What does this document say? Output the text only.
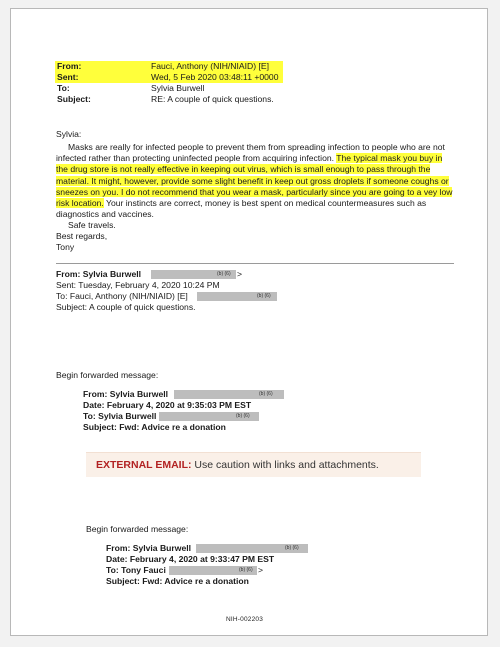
From:	Fauci, Anthony (NIH/NIAID) [E]
Sent:	Wed, 5 Feb 2020 03:48:11 +0000
To:	Sylvia Burwell
Subject:	RE: A couple of quick questions.
Sylvia:
Masks are really for infected people to prevent them from spreading infection to people who are not infected rather than protecting uninfected people from acquiring infection. The typical mask you buy in the drug store is not really effective in keeping out virus, which is small enough to pass through the material. It might, however, provide some slight benefit in keep out gross droplets if someone coughs or sneezes on you. I do not recommend that you wear a mask, particularly since you are going to a vey low risk location. Your instincts are correct, money is best spent on medical countermeasures such as diagnostics and vaccines.
Safe travels.
Best regards,
Tony
From: Sylvia Burwell	(b) (6) >
Sent: Tuesday, February 4, 2020 10:24 PM
To: Fauci, Anthony (NIH/NIAID) [E]	(b) (6)
Subject: A couple of quick questions.
Begin forwarded message:
From: Sylvia Burwell	(b) (6)
Date: February 4, 2020 at 9:35:03 PM EST
To: Sylvia Burwell	(b) (6)
Subject: Fwd: Advice re a donation
EXTERNAL EMAIL: Use caution with links and attachments.
Begin forwarded message:
From: Sylvia Burwell	(b) (6)
Date: February 4, 2020 at 9:33:47 PM EST
To: Tony Fauci	(b) (6) >
Subject: Fwd: Advice re a donation
NIH-002203
